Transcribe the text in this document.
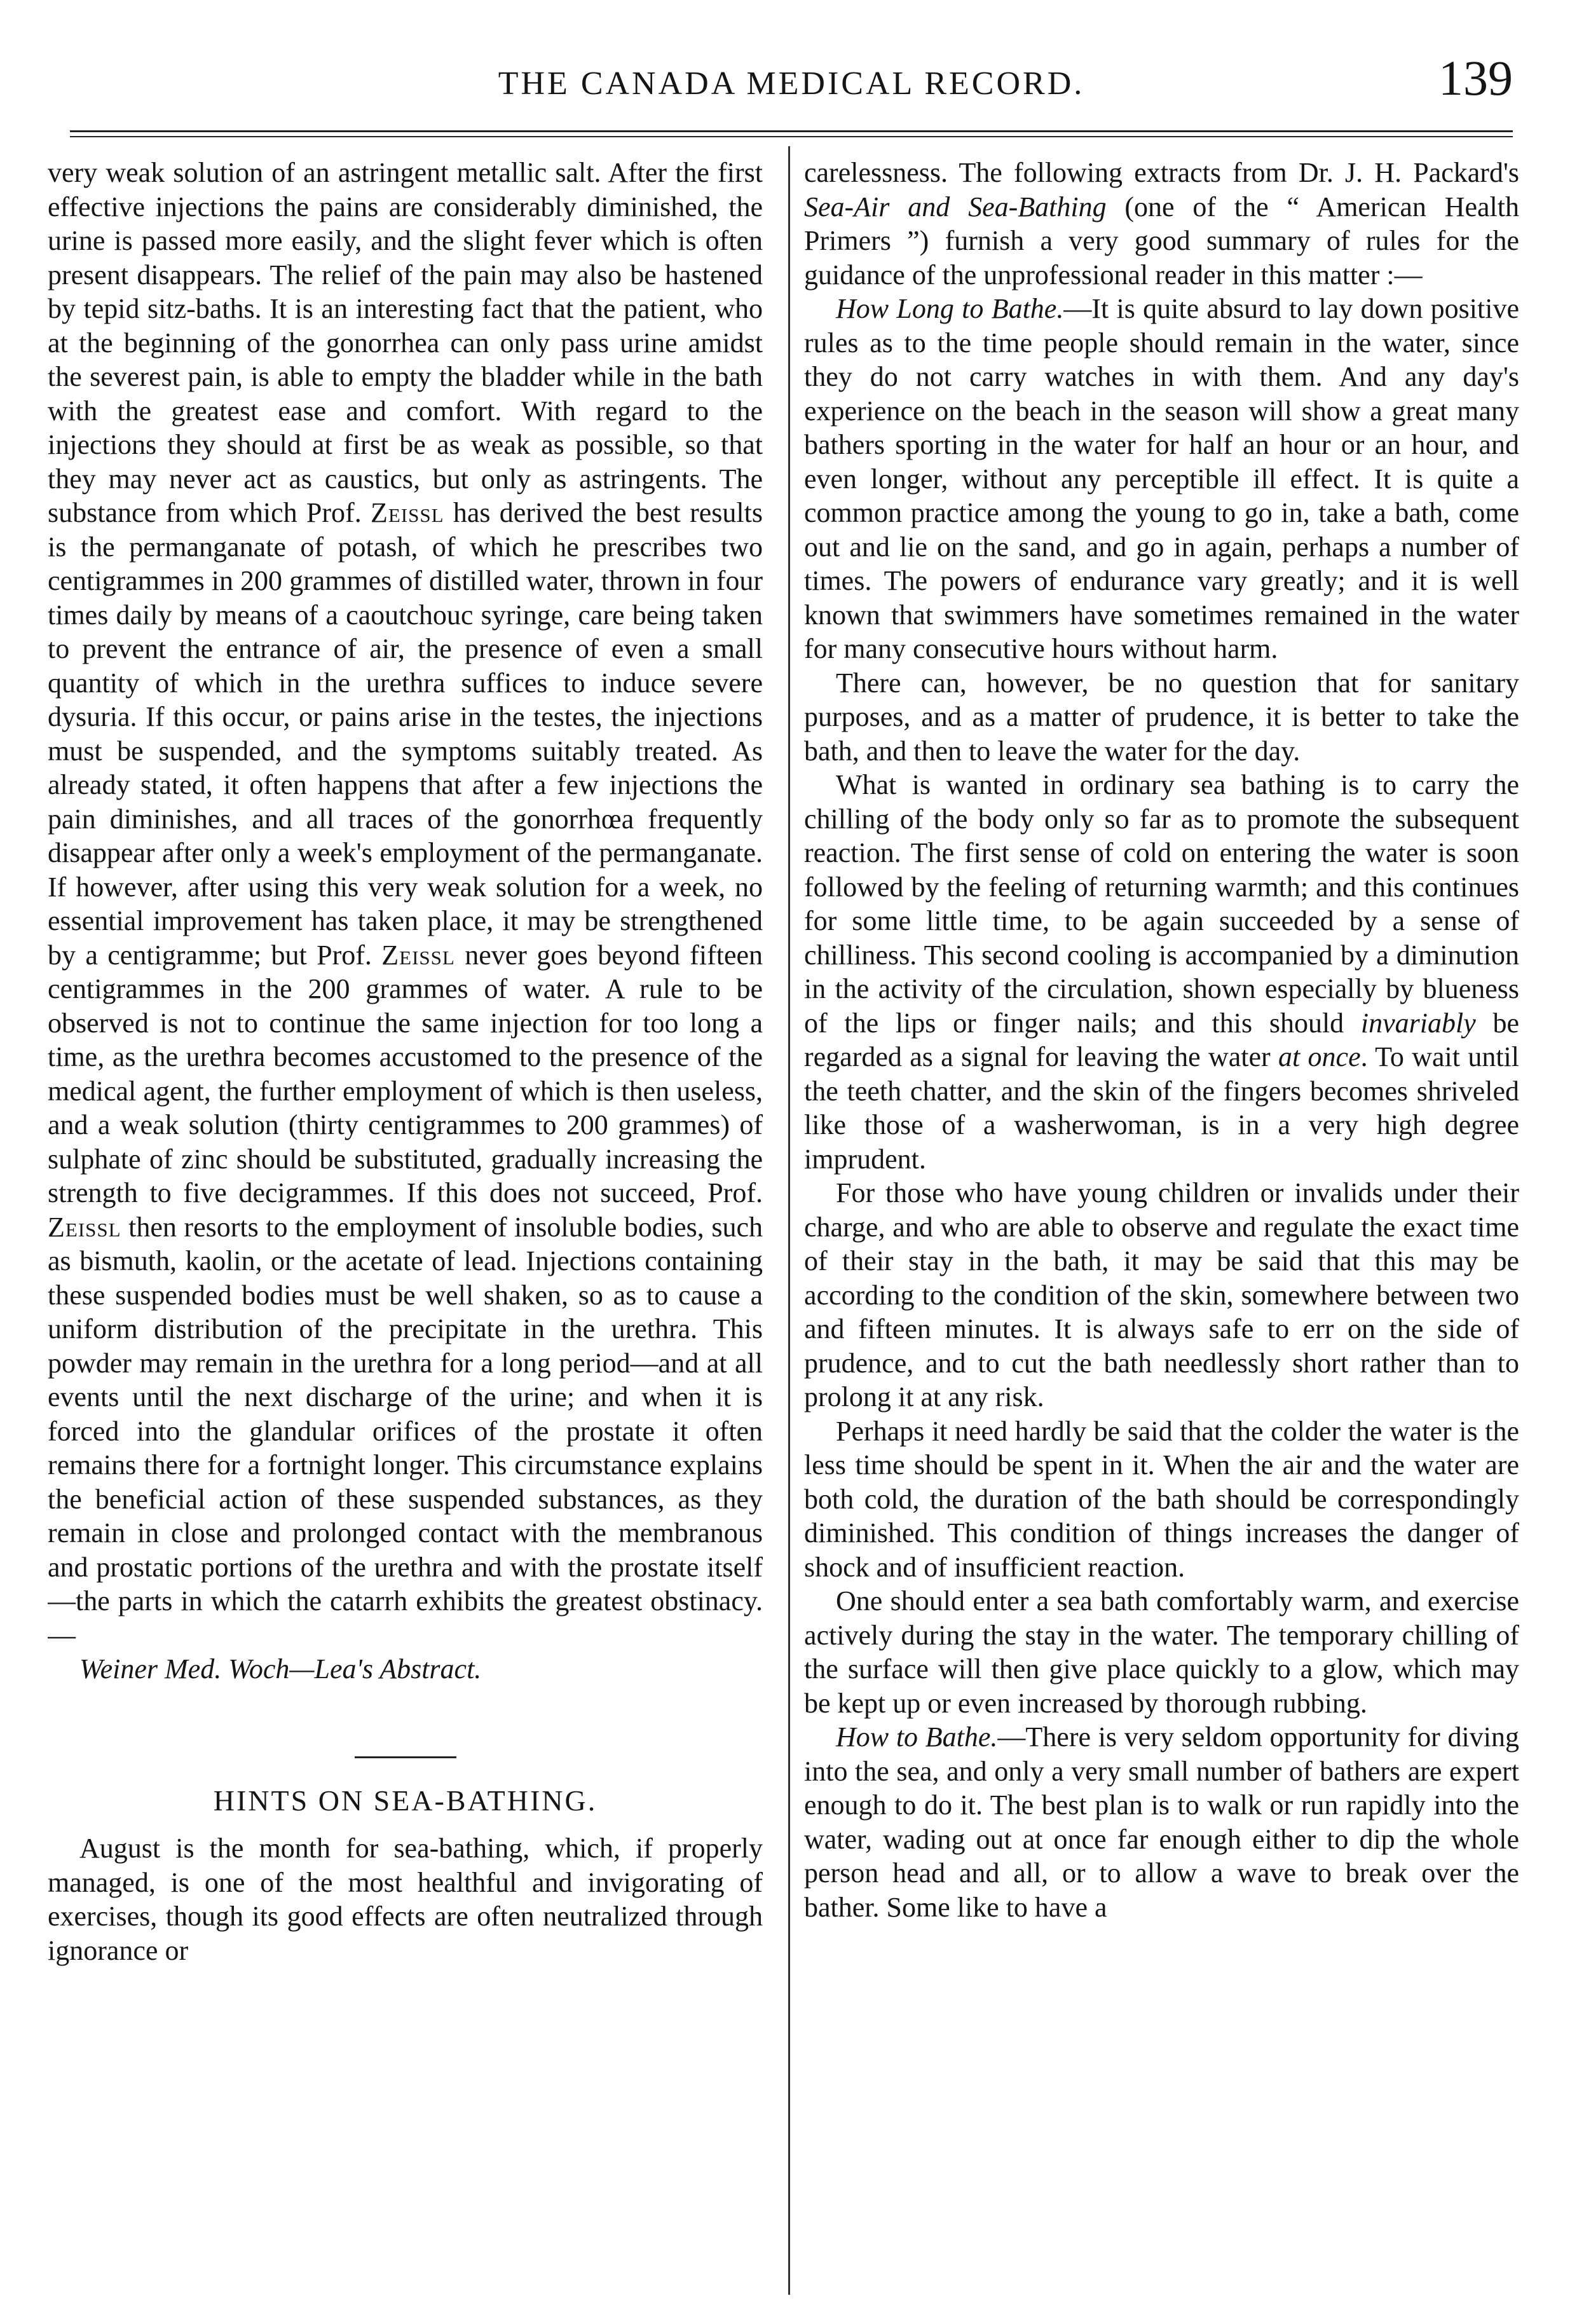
THE CANADA MEDICAL RECORD.	139

very weak solution of an astringent metallic salt. After the first effective injections the pains are considerably diminished, the urine is passed more easily, and the slight fever which is often present disappears. The relief of the pain may also be hastened by tepid sitz-baths. It is an interesting fact that the patient, who at the beginning of the gonorrhea can only pass urine amidst the severest pain, is able to empty the bladder while in the bath with the greatest ease and comfort. With regard to the injections they should at first be as weak as possible, so that they may never act as caustics, but only as astringents. The substance from which Prof. Zeissl has derived the best results is the permanganate of potash, of which he prescribes two centigrammes in 200 grammes of distilled water, thrown in four times daily by means of a caoutchouc syringe, care being taken to prevent the entrance of air, the presence of even a small quantity of which in the urethra suffices to induce severe dysuria. If this occur, or pains arise in the testes, the injections must be suspended, and the symptoms suitably treated. As already stated, it often happens that after a few injections the pain diminishes, and all traces of the gonorrhœa frequently disappear after only a week's employment of the permanganate. If however, after using this very weak solution for a week, no essential improvement has taken place, it may be strengthened by a centigramme; but Prof. Zeissl never goes beyond fifteen centigrammes in the 200 grammes of water. A rule to be observed is not to continue the same injection for too long a time, as the urethra becomes accustomed to the presence of the medical agent, the further employment of which is then useless, and a weak solution (thirty centigrammes to 200 grammes) of sulphate of zinc should be substituted, gradually increasing the strength to five decigrammes. If this does not succeed, Prof. Zeissl then resorts to the employment of insoluble bodies, such as bismuth, kaolin, or the acetate of lead. Injections containing these suspended bodies must be well shaken, so as to cause a uniform distribution of the precipitate in the urethra. This powder may remain in the urethra for a long period—and at all events until the next discharge of the urine; and when it is forced into the glandular orifices of the prostate it often remains there for a fortnight longer. This circumstance explains the beneficial action of these suspended substances, as they remain in close and prolonged contact with the membranous and prostatic portions of the urethra and with the prostate itself—the parts in which the catarrh exhibits the greatest obstinacy.—

Weiner Med. Woch—Lea's Abstract.

HINTS ON SEA-BATHING.

August is the month for sea-bathing, which, if properly managed, is one of the most healthful and invigorating of exercises, though its good effects are often neutralized through ignorance or

carelessness. The following extracts from Dr. J. H. Packard's Sea-Air and Sea-Bathing (one of the “ American Health Primers ”) furnish a very good summary of rules for the guidance of the unprofessional reader in this matter :—

How Long to Bathe.—It is quite absurd to lay down positive rules as to the time people should remain in the water, since they do not carry watches in with them. And any day's experience on the beach in the season will show a great many bathers sporting in the water for half an hour or an hour, and even longer, without any perceptible ill effect. It is quite a common practice among the young to go in, take a bath, come out and lie on the sand, and go in again, perhaps a number of times. The powers of endurance vary greatly; and it is well known that swimmers have sometimes remained in the water for many consecutive hours without harm.

There can, however, be no question that for sanitary purposes, and as a matter of prudence, it is better to take the bath, and then to leave the water for the day.

What is wanted in ordinary sea bathing is to carry the chilling of the body only so far as to promote the subsequent reaction. The first sense of cold on entering the water is soon followed by the feeling of returning warmth; and this continues for some little time, to be again succeeded by a sense of chilliness. This second cooling is accompanied by a diminution in the activity of the circulation, shown especially by blueness of the lips or finger nails; and this should invariably be regarded as a signal for leaving the water at once. To wait until the teeth chatter, and the skin of the fingers becomes shriveled like those of a washerwoman, is in a very high degree imprudent.

For those who have young children or invalids under their charge, and who are able to observe and regulate the exact time of their stay in the bath, it may be said that this may be according to the condition of the skin, somewhere between two and fifteen minutes. It is always safe to err on the side of prudence, and to cut the bath needlessly short rather than to prolong it at any risk.

Perhaps it need hardly be said that the colder the water is the less time should be spent in it. When the air and the water are both cold, the duration of the bath should be correspondingly diminished. This condition of things increases the danger of shock and of insufficient reaction.

One should enter a sea bath comfortably warm, and exercise actively during the stay in the water. The temporary chilling of the surface will then give place quickly to a glow, which may be kept up or even increased by thorough rubbing.

How to Bathe.—There is very seldom opportunity for diving into the sea, and only a very small number of bathers are expert enough to do it. The best plan is to walk or run rapidly into the water, wading out at once far enough either to dip the whole person head and all, or to allow a wave to break over the bather. Some like to have a
